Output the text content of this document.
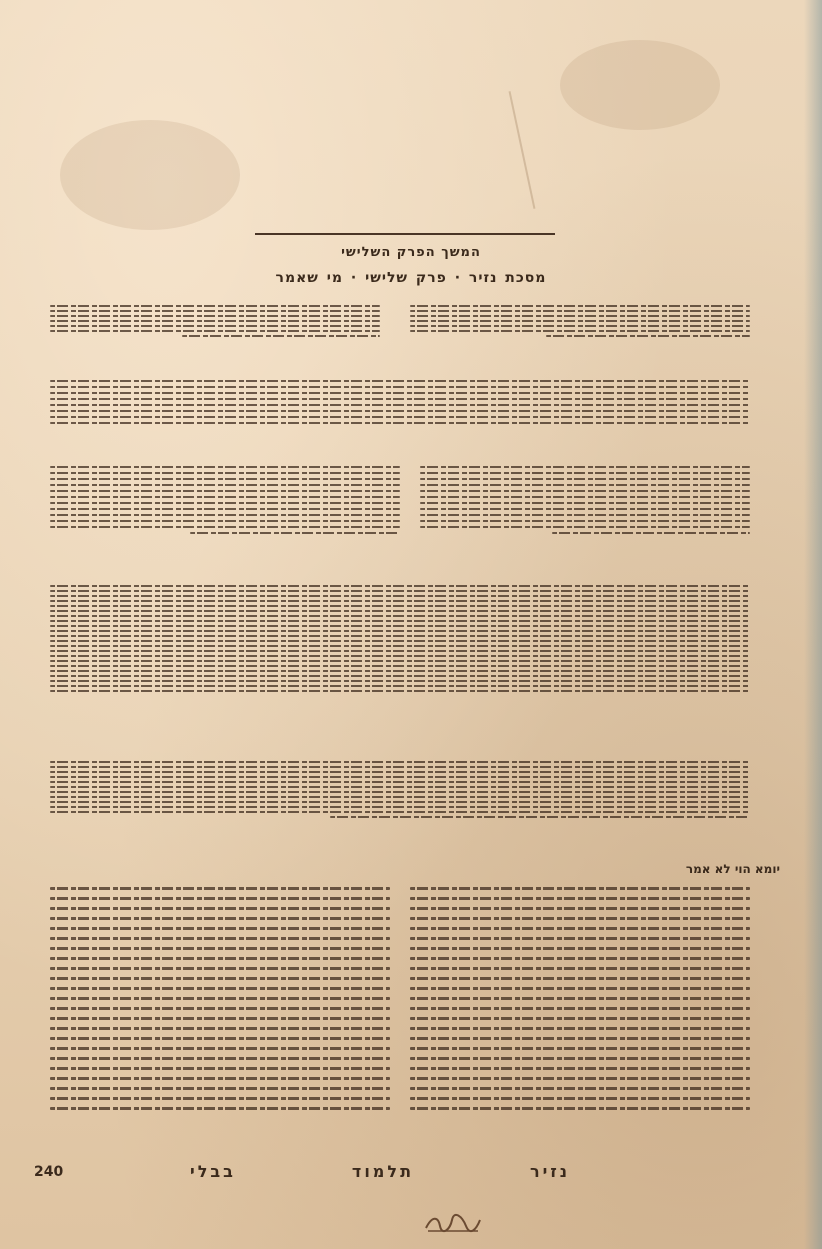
המשך הפרק השלישי
מסכת נזיר · פרק שלישי · מי שאמר
יומא הוי לא אמר
240	בבלי	תלמוד	נזיר
